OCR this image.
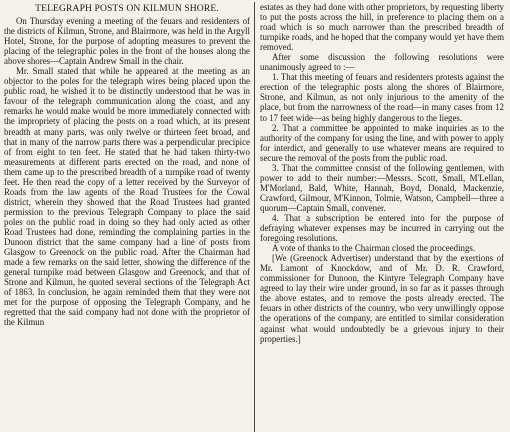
TELEGRAPH POSTS ON KILMUN SHORE.

On Thursday evening a meeting of the feuars and residenters of the districts of Kilmun, Strone, and Blairmore, was held in the Argyll Hotel, Strone, for the purpose of adopting measures to prevent the placing of the telegraphic poles in the front of the houses along the above shores—Captain Andrew Small in the chair.

Mr. Small stated that while he appeared at the meeting as an objector to the poles for the telegraph wires being placed upon the public road, he wished it to be distinctly understood that he was in favour of the telegraph communication along the coast, and any remarks he would make would be more immediately connected with the impropriety of placing the posts on a road which, at its present breadth at many parts, was only twelve or thirteen feet broad, and that in many of the narrow parts there was a perpendicular precipice of from eight to ten feet. He stated that he had taken thirty-two measurements at different parts erected on the road, and none of them came up to the prescribed breadth of a turnpike road of twenty feet. He then read the copy of a letter received by the Surveyor of Roads from the law agents of the Road Trustees for the Cowal district, wherein they showed that the Road Trustees had granted permission to the previous Telegraph Company to place the said poles on the public road in doing so they had only acted as other Road Trustees had done, reminding the complaining parties in the Dunoon district that the same company had a line of posts from Glasgow to Greenock on the public road. After the Chairman had made a few remarks on the said letter, showing the difference of the general turnpike road between Glasgow and Greenock, and that of Strone and Kilmun, he quoted several sections of the Telegraph Act of 1863. In conclusion, he again reminded them that they were not met for the purpose of opposing the Telegraph Company, and he regretted that the said company had not done with the proprietor of the Kilmun

estates as they had done with other proprietors, by requesting liberty to put the posts across the hill, in preference to placing them on a road which is so much narrower than the prescribed breadth of turnpike roads, and he hoped that the company would yet have them removed.

After some discussion the following resolutions were unanimously agreed to :—

1. That this meeting of feuars and residenters protests against the erection of the telegraphic posts along the shores of Blairmore, Strone, and Kilmun, as not only injurious to the amenity of the place, but from the narrowness of the road—in many cases from 12 to 17 feet wide—as being highly dangerous to the lieges.

2. That a committee be appointed to make inquiries as to the authority of the company for using the line, and with power to apply for interdict, and generally to use whatever means are required to secure the removal of the posts from the public road.

3. That the committee consist of the following gentlemen, with power to add to their number:—Messrs. Scott, Small, M'Lellan, M'Morland, Bald, White, Hannah, Boyd, Donald, Mackenzie, Crawford, Gilmour, M'Kinnon, Tolmie, Watson, Campbell—three a quorum—Captain Small, convener.

4. That a subscription be entered into for the purpose of defraying whatever expenses may be incurred in carrying out the foregoing resolutions.

A vote of thanks to the Chairman closed the proceedings.

[We (Greenock Advertiser) understand that by the exertions of Mr. Lamont of Knockdow, and of Mr. D. R. Crawford, commissioner for Dunoon, the Kintyre Telegraph Company have agreed to lay their wire under ground, in so far as it passes through the above estates, and to remove the posts already erected. The feuars in other districts of the country, who very unwillingly oppose the operations of the company, are entitled to similar consideration against what would undoubtedly be a grievous injury to their properties.]
